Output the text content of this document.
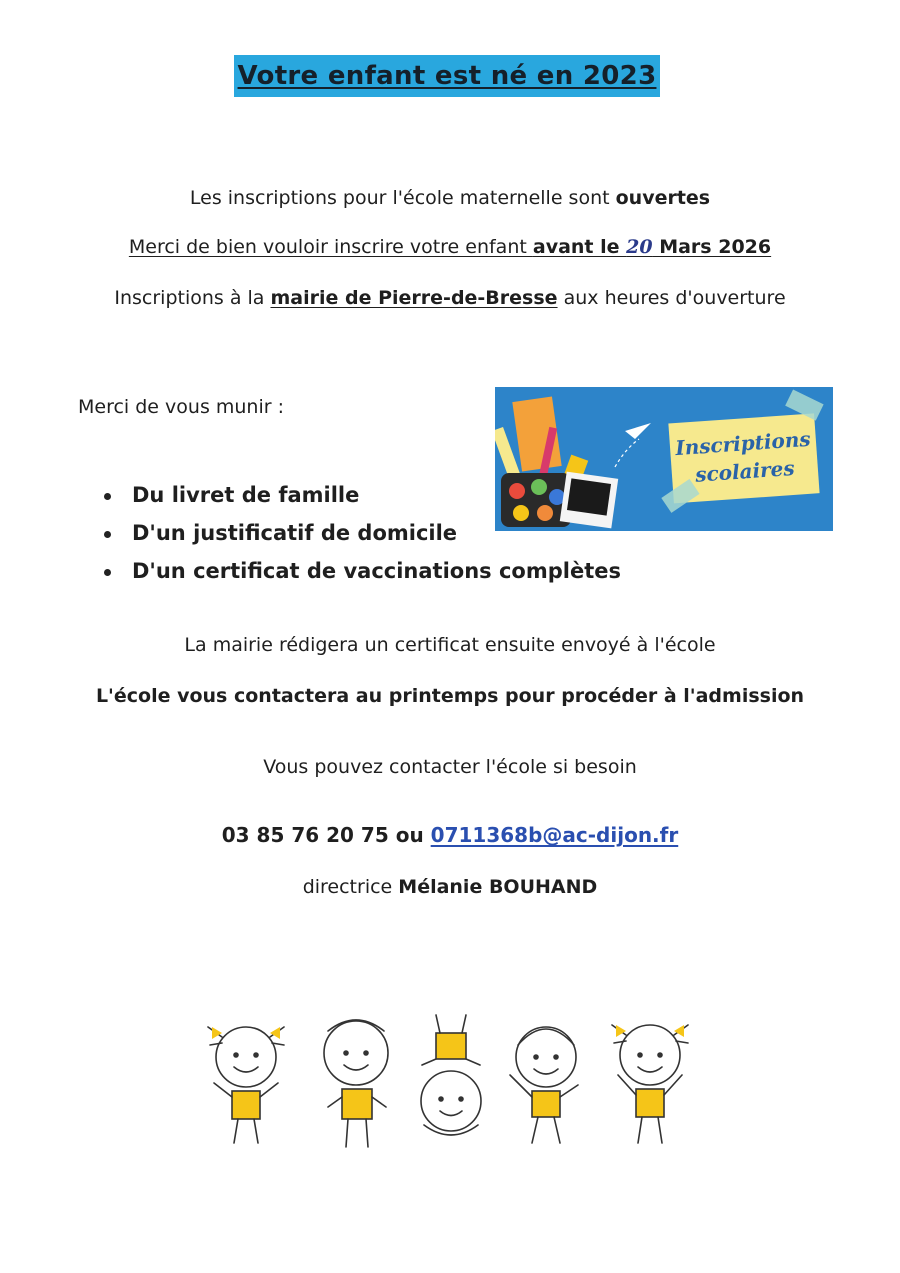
Votre enfant est né en 2023
Les inscriptions pour l'école maternelle sont ouvertes
Merci de bien vouloir inscrire votre enfant avant le 20 Mars 2026
Inscriptions à la mairie de Pierre-de-Bresse aux heures d'ouverture
Merci de vous munir :
Du livret de famille
D'un justificatif de domicile
D'un certificat de vaccinations complètes
Inscriptions
scolaires
La mairie rédigera un certificat ensuite envoyé à l'école
L'école vous contactera au printemps pour procéder à l'admission
Vous pouvez contacter l'école si besoin
03 85 76 20 75 ou 0711368b@ac-dijon.fr
directrice Mélanie BOUHAND
